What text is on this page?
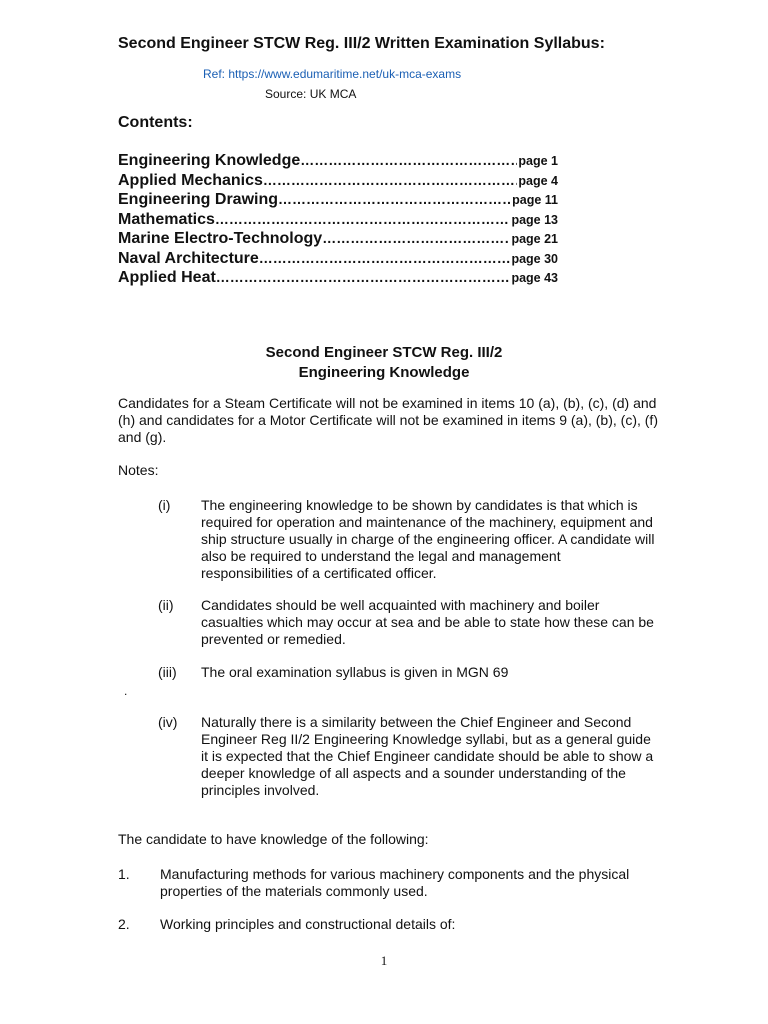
Second Engineer STCW Reg. III/2 Written Examination Syllabus:
Ref: https://www.edumaritime.net/uk-mca-exams
Source: UK MCA
Contents:
Engineering Knowledge ……………………………………………………………………………………………	page 1
Applied Mechanics ……………………………………………………………………………………………	page 4
Engineering Drawing ……………………………………………………………………………………………	page 11
Mathematics ……………………………………………………………………………………………	page 13
Marine Electro-Technology ……………………………………………………………………………………………	page 21
Naval Architecture ……………………………………………………………………………………………	page 30
Applied Heat ……………………………………………………………………………………………	page 43
Second Engineer STCW Reg. III/2
Engineering Knowledge
Candidates for a Steam Certificate will not be examined in items 10 (a), (b), (c), (d) and (h) and candidates for a Motor Certificate will not be examined in items 9 (a), (b), (c), (f) and (g).
Notes:
(i) The engineering knowledge to be shown by candidates is that which is required for operation and maintenance of the machinery, equipment and ship structure usually in charge of the engineering officer. A candidate will also be required to understand the legal and management responsibilities of a certificated officer.
(ii) Candidates should be well acquainted with machinery and boiler casualties which may occur at sea and be able to state how these can be prevented or remedied.
(iii) The oral examination syllabus is given in MGN 69
.
(iv) Naturally there is a similarity between the Chief Engineer and Second Engineer Reg II/2 Engineering Knowledge syllabi, but as a general guide it is expected that the Chief Engineer candidate should be able to show a deeper knowledge of all aspects and a sounder understanding of the principles involved.
The candidate to have knowledge of the following:
1. Manufacturing methods for various machinery components and the physical properties of the materials commonly used.
2. Working principles and constructional details of:
1
